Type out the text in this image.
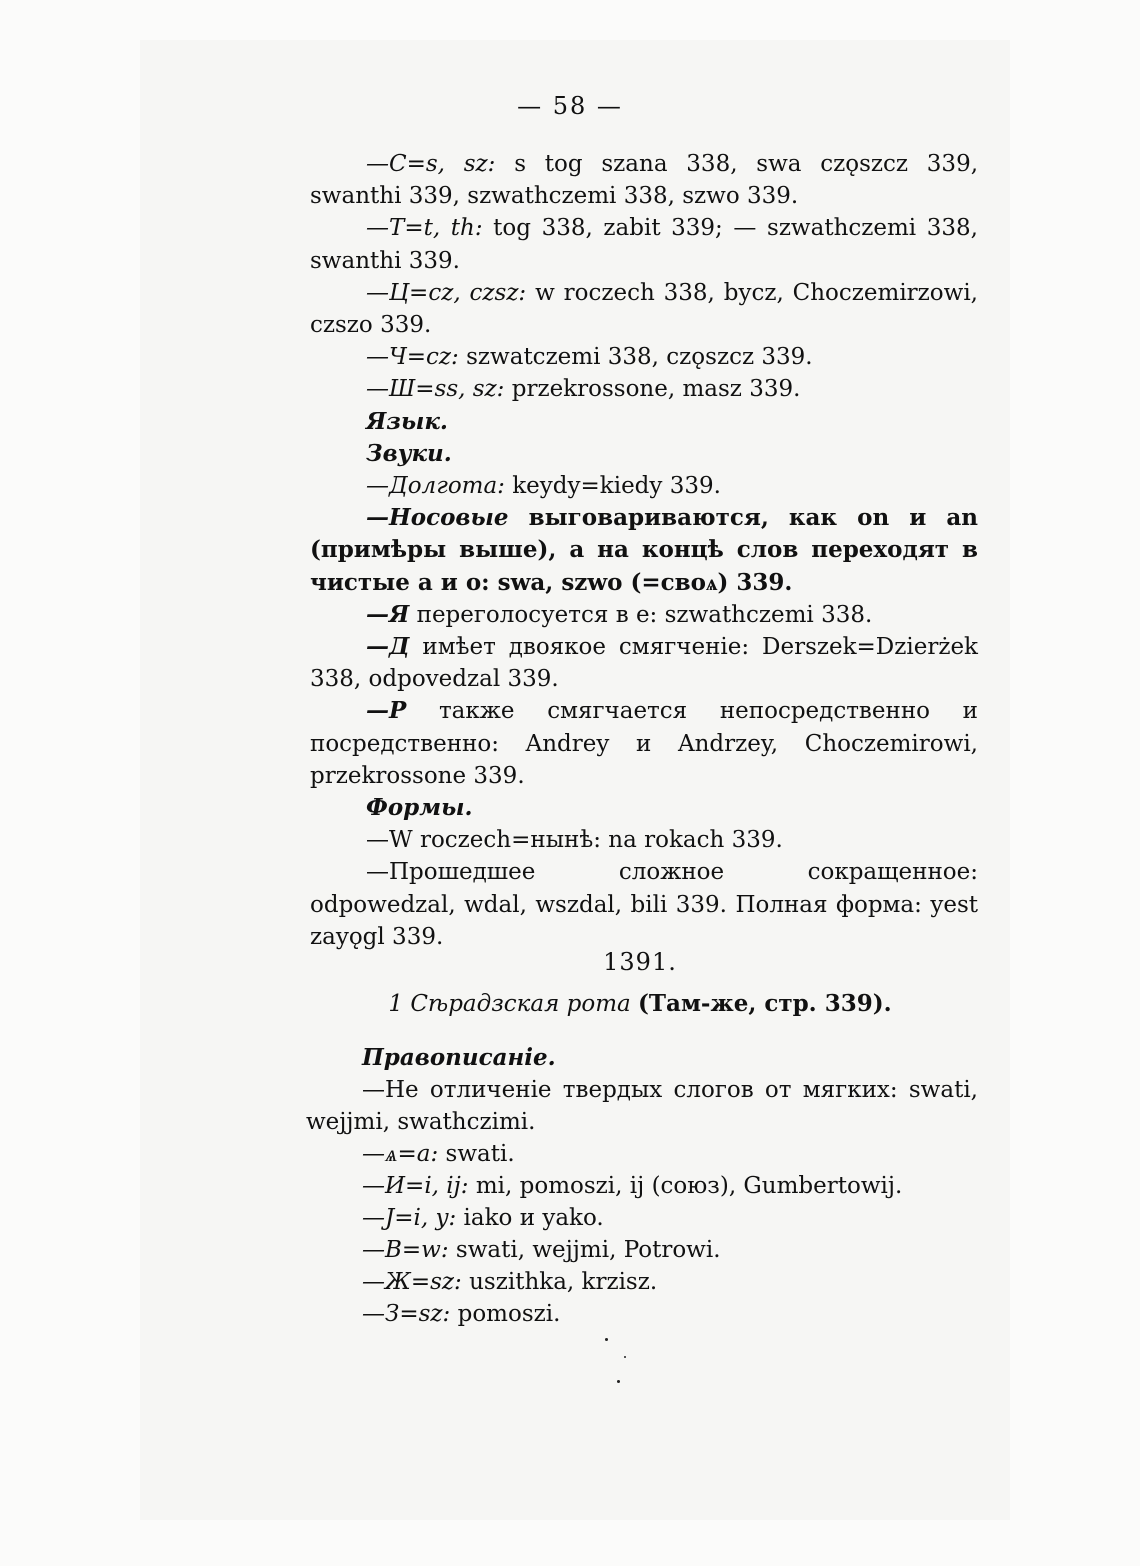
— 58 —

—C=s, sz: s tog szana 338, swa czǫszcz 339, swanthi 339, szwathczemi 338, szwo 339.

—T=t, th: tog 338, zabit 339; — szwathczemi 338, swanthi 339.

—Ц=cz, czsz: w roczech 338, bycz, Choczemirzowi, czszo 339.

—Ч=cz: szwatczemi 338, czǫszcz 339.

—Ш=ss, sz: przekrossone, masz 339.

Язык.

Звуки.

—Долгота: keydy=kiedy 339.

—Носовые выговариваются, как on и an (примѣры выше), а на концѣ слов переходят в чистые a и o: swa, szwo (=своѧ) 339.

—Я переголосуется в e: szwathczemi 338.

—Д имѣет двоякое смягченіе: Derszek=Dzierżek 338, odpovedzal 339.

—Р также смягчается непосредственно и посредственно: Andrey и Andrzey, Choczemirowi, przekrossone 339.

Формы.

—W roczech=нынѣ: na rokach 339.

—Прошедшее сложное сокращенное: odpowedzal, wdal, wszdal, bili 339. Полная форма: yest zayǫgl 339.

1391.
1 Сѣрадзская рота (Там-же, стр. 339).

Правописаніе.

—Не отличеніе твердых слогов от мягких: swati, wejjmi, swathczimi.

—ѧ=a: swati.

—И=i, ij: mi, pomoszi, ij (союз), Gumbertowij.

—J=i, y: iako и yako.

—В=w: swati, wejjmi, Potrowi.

—Ж=sz: uszithka, krzisz.

—З=sz: pomoszi.
